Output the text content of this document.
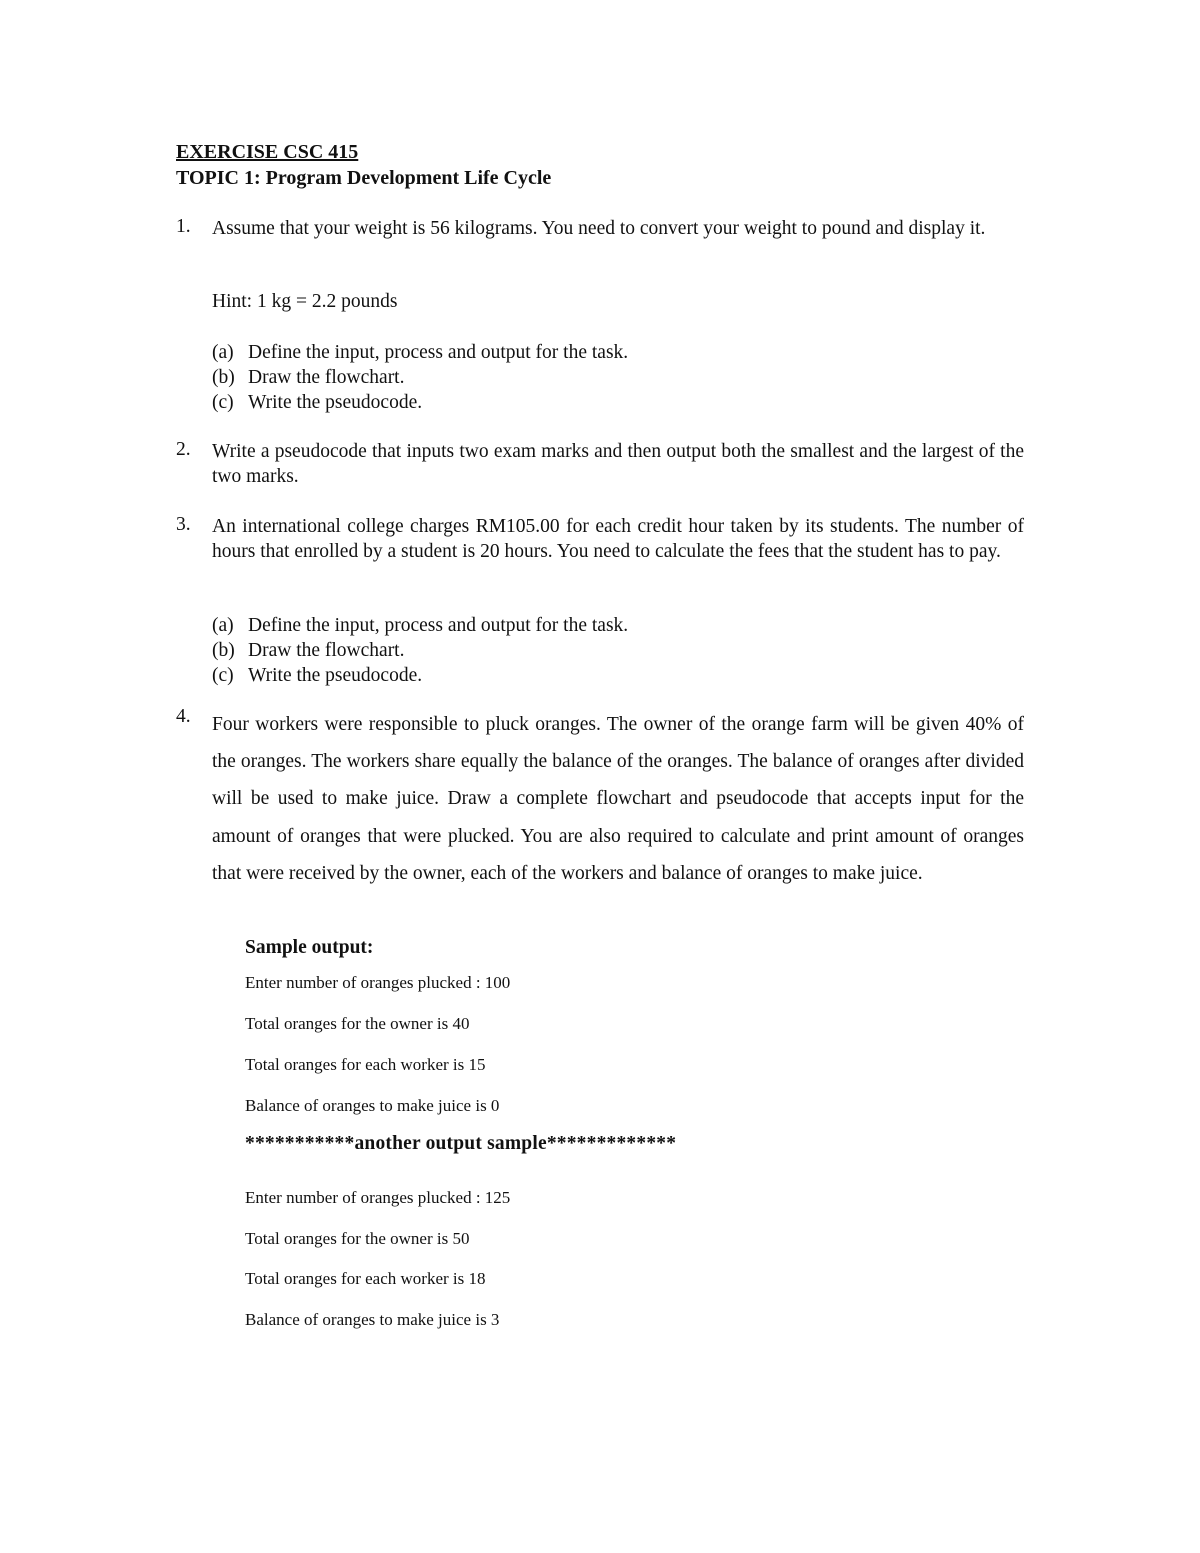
EXERCISE CSC 415
TOPIC 1: Program Development Life Cycle
1. Assume that your weight is 56 kilograms. You need to convert your weight to pound and display it.
Hint: 1 kg = 2.2 pounds
(a) Define the input, process and output for the task.
(b) Draw the flowchart.
(c) Write the pseudocode.
2. Write a pseudocode that inputs two exam marks and then output both the smallest and the largest of the two marks.
3. An international college charges RM105.00 for each credit hour taken by its students. The number of hours that enrolled by a student is 20 hours. You need to calculate the fees that the student has to pay.
(a) Define the input, process and output for the task.
(b) Draw the flowchart.
(c) Write the pseudocode.
4. Four workers were responsible to pluck oranges. The owner of the orange farm will be given 40% of the oranges. The workers share equally the balance of the oranges. The balance of oranges after divided will be used to make juice. Draw a complete flowchart and pseudocode that accepts input for the amount of oranges that were plucked. You are also required to calculate and print amount of oranges that were received by the owner, each of the workers and balance of oranges to make juice.
Sample output:
Enter number of oranges plucked : 100
Total oranges for the owner is 40
Total oranges for each worker is 15
Balance of oranges to make juice is 0
***********another output sample*************
Enter number of oranges plucked : 125
Total oranges for the owner is 50
Total oranges for each worker is 18
Balance of oranges to make juice is 3
